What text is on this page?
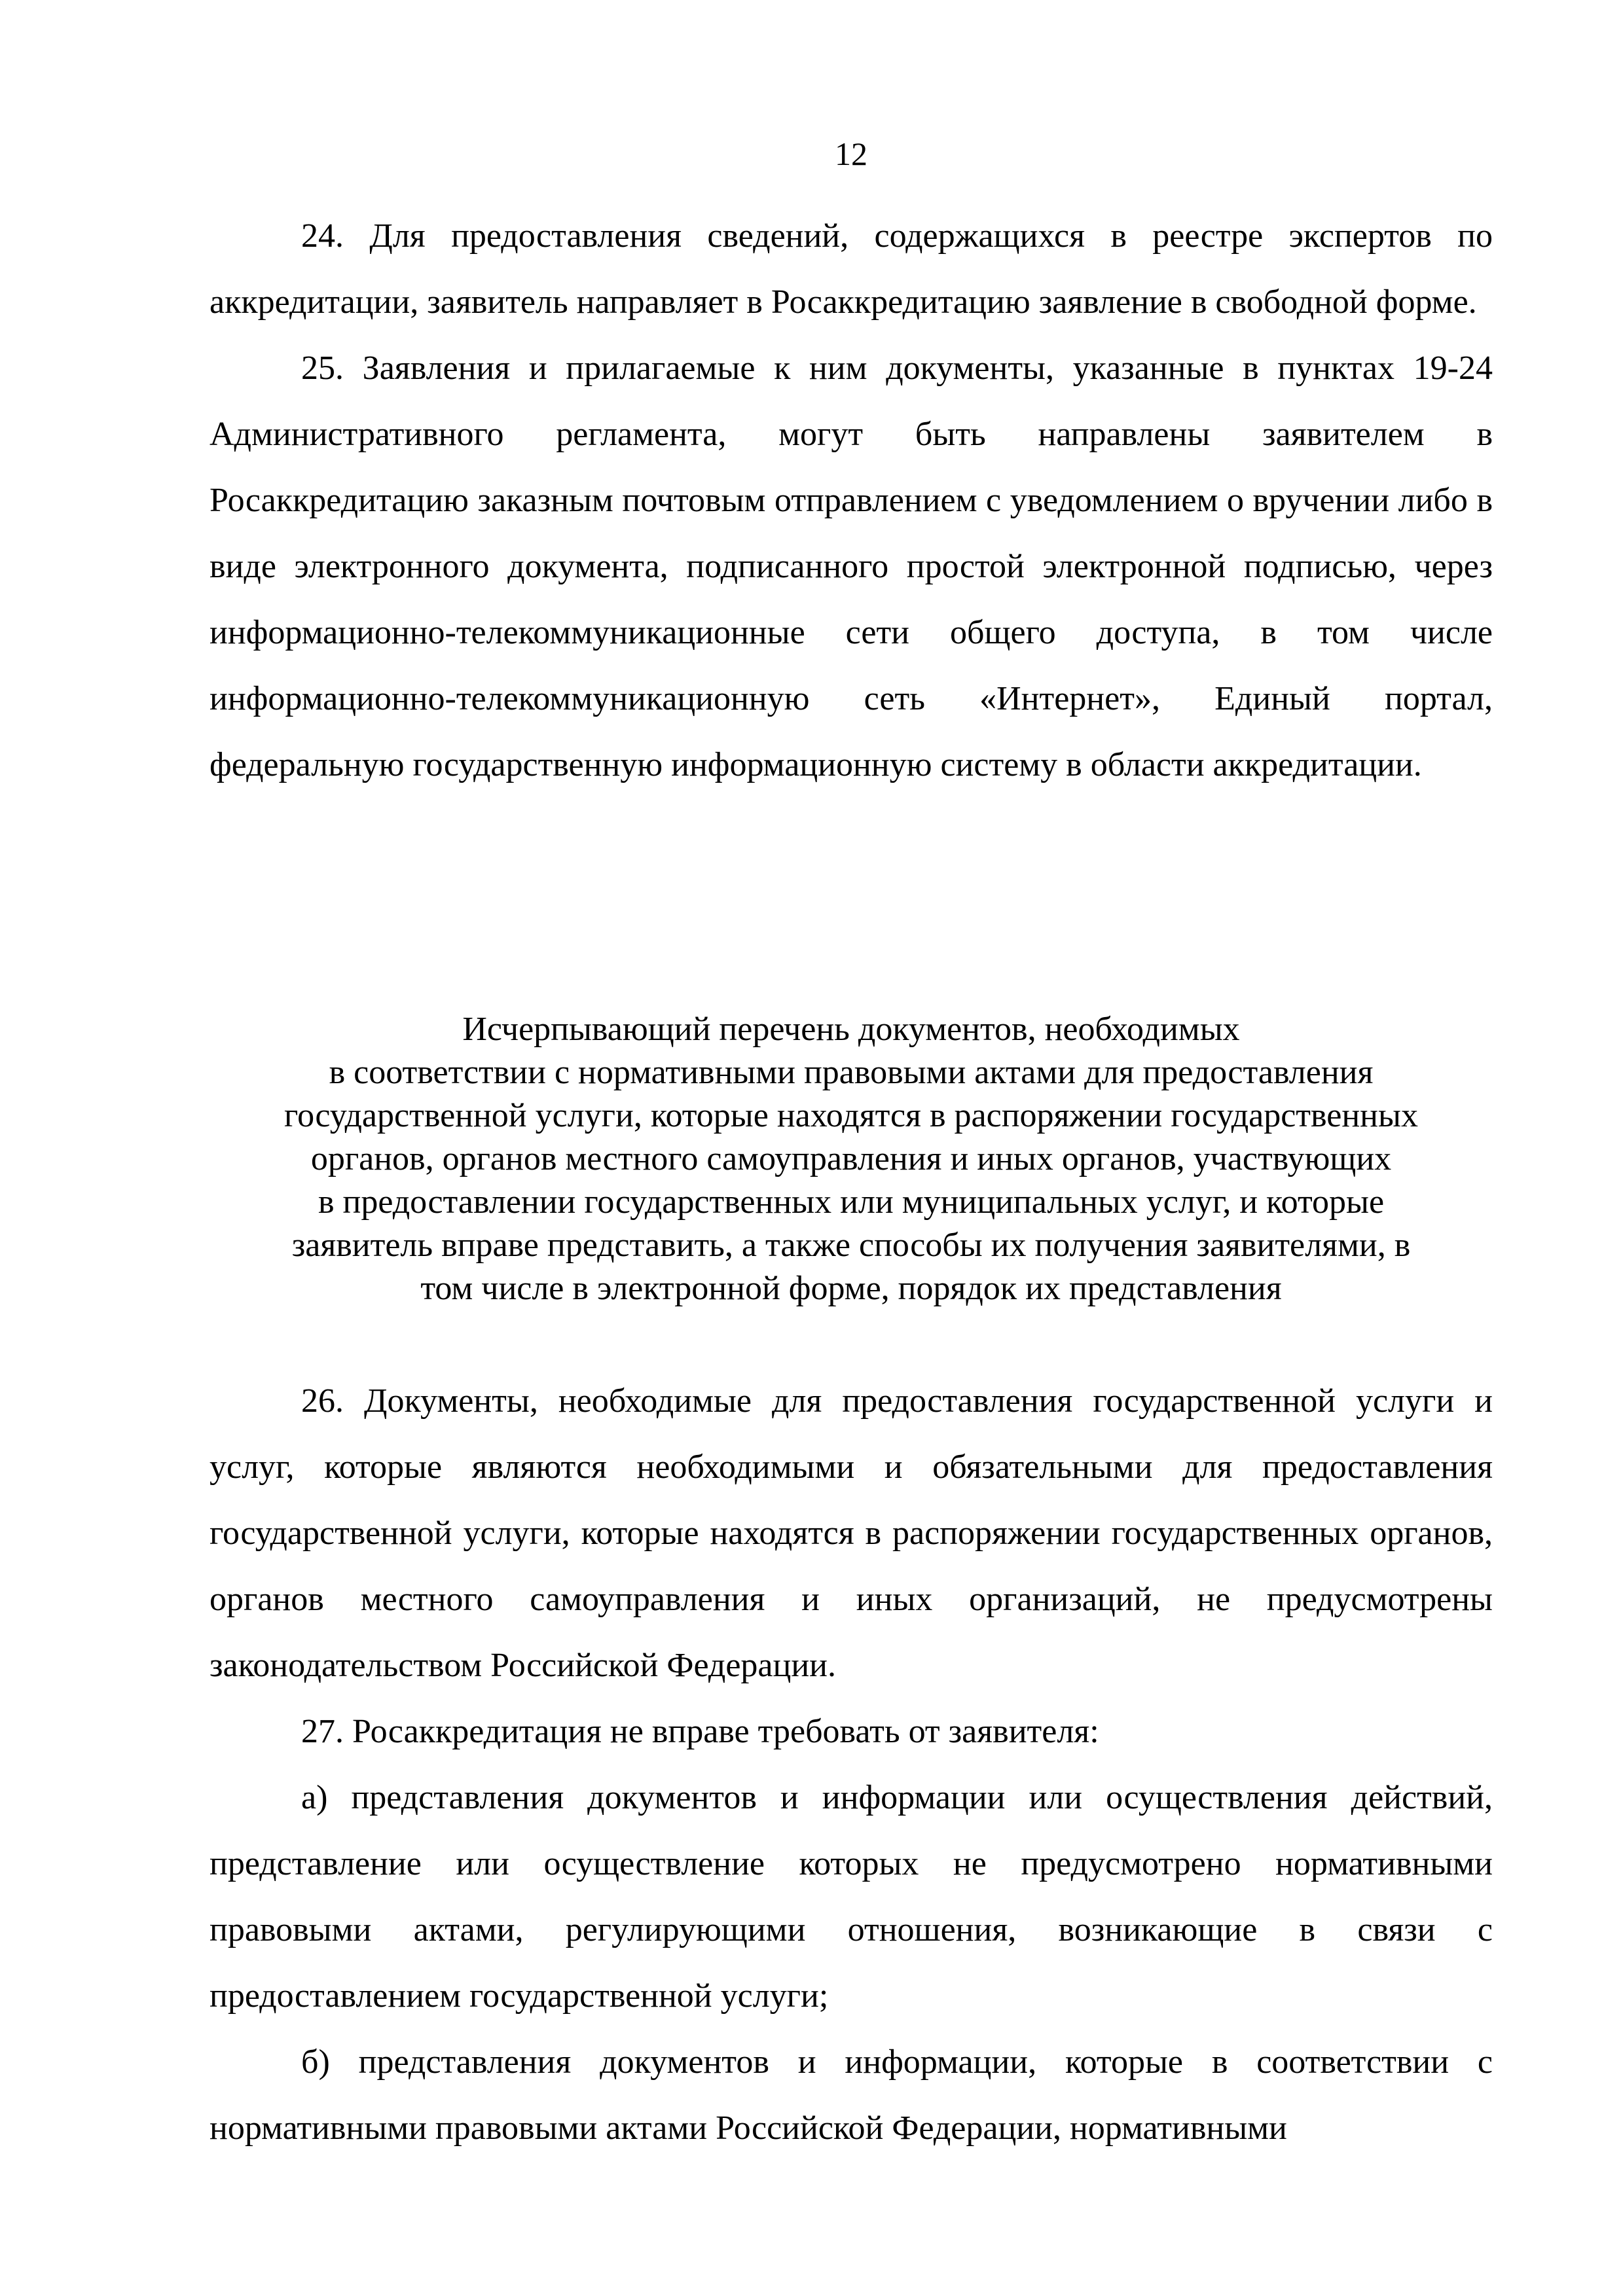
12

24. Для предоставления сведений, содержащихся в реестре экспертов по аккредитации, заявитель направляет в Росаккредитацию заявление в свободной форме.

25. Заявления и прилагаемые к ним документы, указанные в пунктах 19-24 Административного регламента, могут быть направлены заявителем в Росаккредитацию заказным почтовым отправлением с уведомлением о вручении либо в виде электронного документа, подписанного простой электронной подписью, через информационно-телекоммуникационные сети общего доступа, в том числе информационно-телекоммуникационную сеть «Интернет», Единый портал, федеральную государственную информационную систему в области аккредитации.

Исчерпывающий перечень документов, необходимых
в соответствии с нормативными правовыми актами для предоставления
государственной услуги, которые находятся в распоряжении государственных
органов, органов местного самоуправления и иных органов, участвующих
в предоставлении государственных или муниципальных услуг, и которые
заявитель вправе представить, а также способы их получения заявителями, в
том числе в электронной форме, порядок их представления

26. Документы, необходимые для предоставления государственной услуги и услуг, которые являются необходимыми и обязательными для предоставления государственной услуги, которые находятся в распоряжении государственных органов, органов местного самоуправления и иных организаций, не предусмотрены законодательством Российской Федерации.

27. Росаккредитация не вправе требовать от заявителя:

а) представления документов и информации или осуществления действий, представление или осуществление которых не предусмотрено нормативными правовыми актами, регулирующими отношения, возникающие в связи с предоставлением государственной услуги;

б) представления документов и информации, которые в соответствии с нормативными правовыми актами Российской Федерации, нормативными
